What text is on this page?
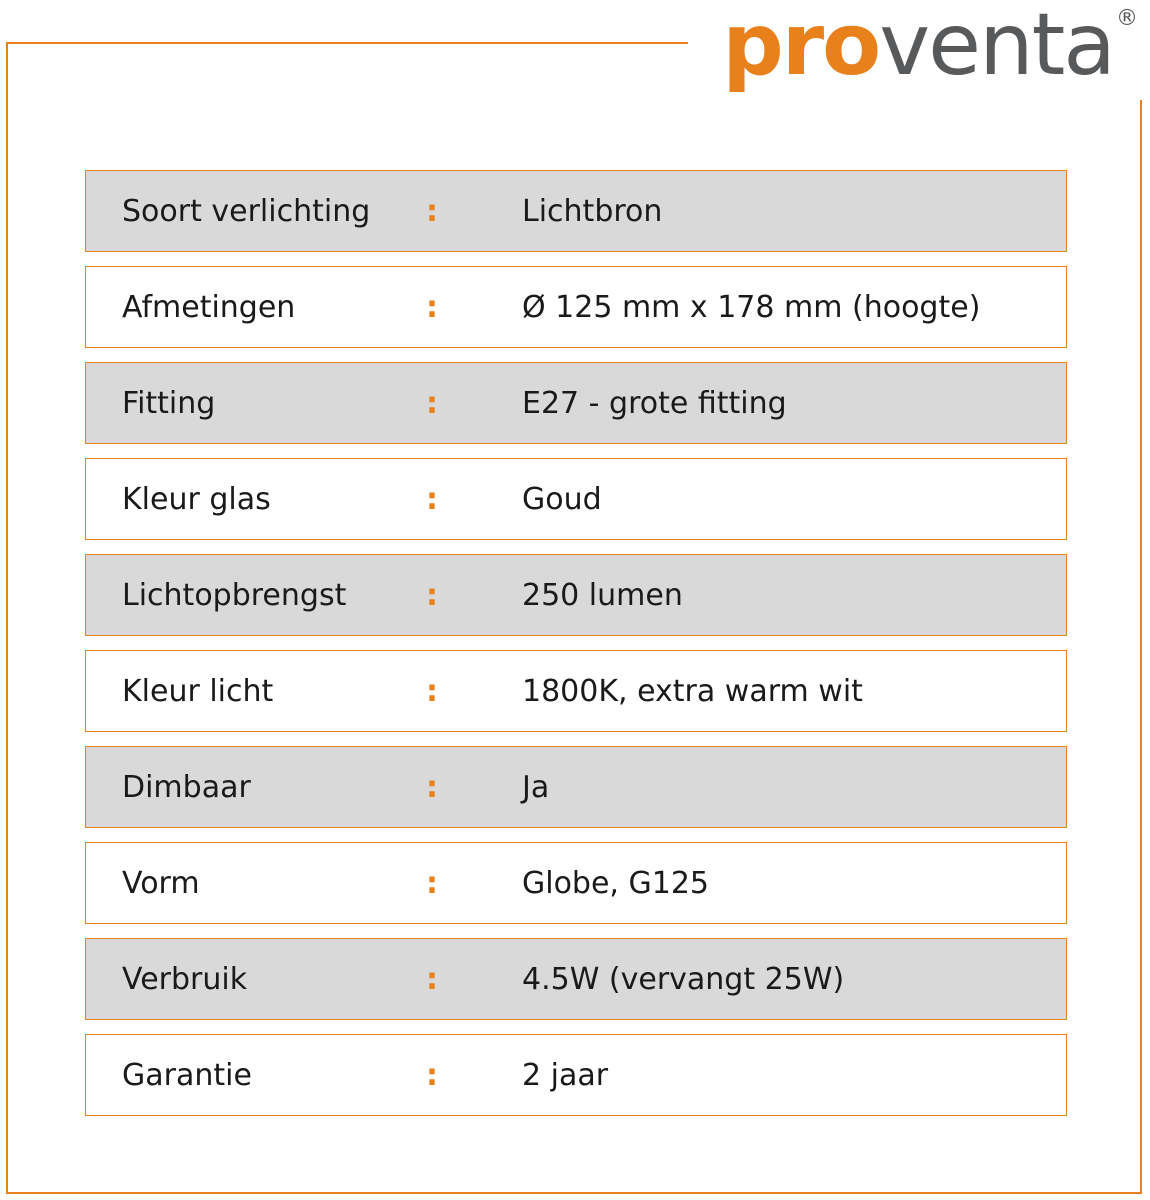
proventa®
Soort verlichting	:	Lichtbron
Afmetingen	:	Ø 125 mm x 178 mm (hoogte)
Fitting	:	E27 - grote fitting
Kleur glas	:	Goud
Lichtopbrengst	:	250 lumen
Kleur licht	:	1800K, extra warm wit
Dimbaar	:	Ja
Vorm	:	Globe, G125
Verbruik	:	4.5W (vervangt 25W)
Garantie	:	2 jaar
